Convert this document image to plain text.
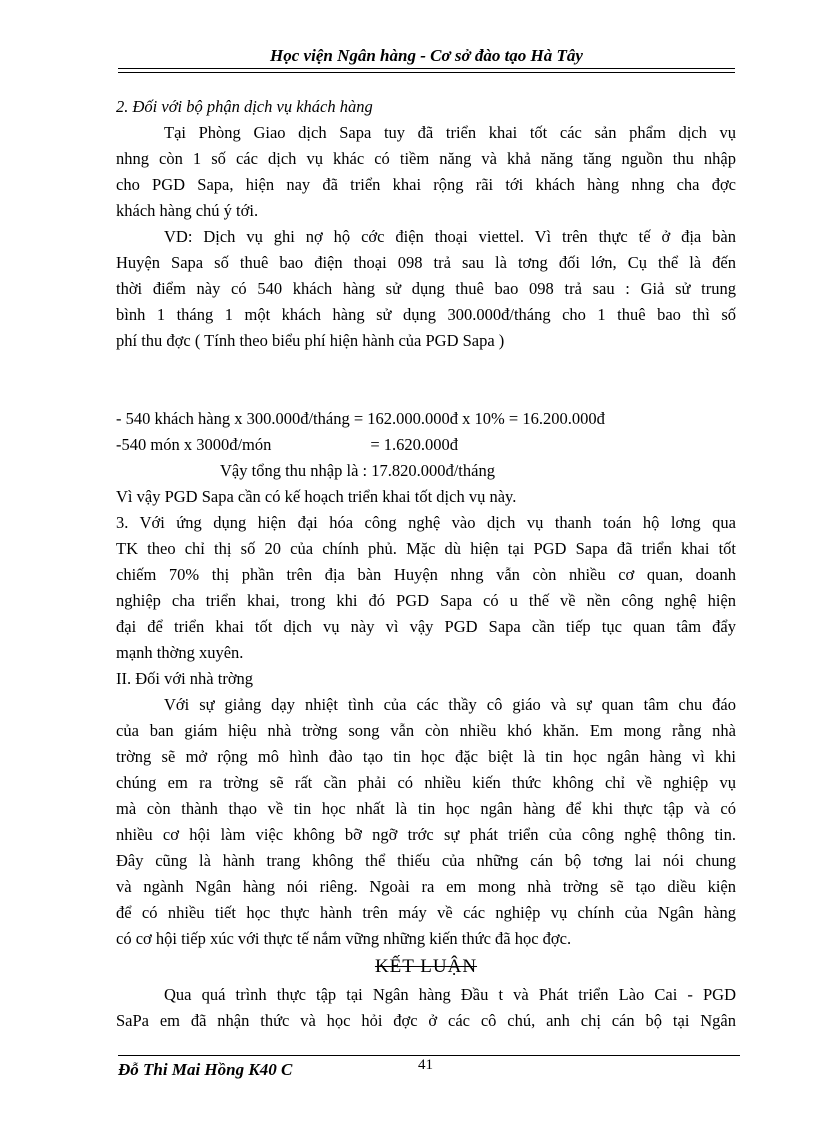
Học viện Ngân hàng - Cơ sở đào tạo Hà Tây

2. Đối với bộ phận dịch vụ khách hàng

Tại Phòng Giao dịch Sapa tuy đã triển khai tốt các sản phẩm dịch vụ

nhng còn 1 số các dịch vụ khác có tiềm năng và khả năng tăng nguồn thu nhập

cho PGD Sapa, hiện nay đã triển khai rộng rãi tới khách hàng nhng cha đợc

khách hàng chú ý tới.

VD: Dịch vụ ghi nợ hộ cớc điện thoại viettel. Vì trên thực tế ở địa bàn

Huyện Sapa số thuê bao điện thoại 098 trả sau là tơng đối lớn, Cụ thể là đến

thời điểm này có 540 khách hàng sử dụng thuê bao 098 trả sau : Giả sử trung

bình 1 tháng 1 một khách hàng sử dụng 300.000đ/tháng cho 1 thuê bao thì số

phí thu đợc ( Tính theo biểu phí hiện hành của PGD Sapa )

- 540 khách hàng x 300.000đ/tháng = 162.000.000đ x 10% = 16.200.000đ

-540 món x 3000đ/món                        = 1.620.000đ

Vậy tổng thu nhập là : 17.820.000đ/tháng

Vì vậy PGD Sapa cần có kế hoạch triển khai tốt dịch vụ này.

3. Với ứng dụng hiện đại hóa công nghệ vào dịch vụ thanh toán hộ lơng qua

TK theo chỉ thị số 20 của chính phủ. Mặc dù hiện tại PGD Sapa đã triển khai tốt

chiếm 70% thị phần trên địa bàn Huyện nhng vẫn còn nhiều cơ quan, doanh

nghiệp cha triển khai, trong khi đó PGD Sapa có u thế về nền công nghệ hiện

đại để triển khai tốt dịch vụ này vì vậy PGD Sapa cần tiếp tục quan tâm đẩy

mạnh thờng xuyên.

II. Đối với nhà trờng

Với sự giảng dạy nhiệt tình của các thầy cô giáo và sự quan tâm chu đáo

của ban giám hiệu nhà trờng song vẫn còn nhiều khó khăn. Em mong rằng nhà

trờng sẽ mở rộng mô hình đào tạo tin học đặc biệt là tin học ngân hàng vì khi

chúng em ra trờng sẽ rất cần phải có nhiều kiến thức không chỉ về nghiệp vụ

mà còn thành thạo về tin học nhất là tin học ngân hàng để khi thực tập và có

nhiều cơ hội làm việc không bỡ ngỡ trớc sự phát triển của công nghệ thông tin.

Đây cũng là hành trang không thể thiếu của những cán bộ tơng lai nói chung

và ngành Ngân hàng nói riêng. Ngoài ra em mong nhà trờng sẽ tạo diều kiện

để có nhiều tiết học thực hành trên máy về các nghiệp vụ chính của Ngân hàng

có cơ hội tiếp xúc với thực tế nắm vững những kiến thức đã học đợc.

KẾT LUẬN

Qua quá trình thực tập tại Ngân hàng Đầu t và Phát triển Lào Cai - PGD

SaPa em đã nhận thức và học hỏi đợc ở các cô chú, anh chị cán bộ tại Ngân

Đỗ Thi Mai Hồng K40 C	41
